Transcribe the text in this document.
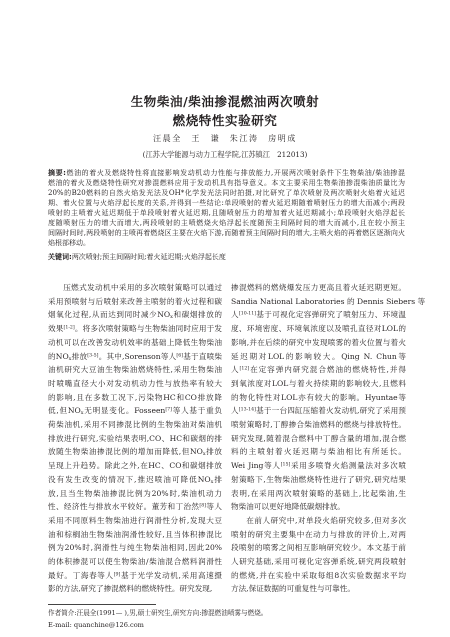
生物柴油/柴油掺混燃油两次喷射
燃烧特性实验研究
汪晨全　王　谦　朱江涛　房明成
(江苏大学能源与动力工程学院,江苏镇江　212013)
摘要:燃油的着火及燃烧特性将直接影响发动机动力性能与排放能力,开展两次喷射条件下生物柴油/柴油掺混
燃油的着火及燃烧特性研究对掺混燃料应用于发动机具有指导意义。本文主要采用生物柴油掺混柴油质量比为
20%的B20燃料的自然火焰发光法及OH*化学发光法同时拍摄,对比研究了单次喷射及两次喷射火焰着火延迟
期、着火位置与火焰浮起长度的关系,并得到一些结论:单段喷射的着火延迟期随着喷射压力的增大而减小;两段
喷射的主喷着火延迟期低于单段喷射着火延迟期,且随喷射压力的增加着火延迟期减小;单段喷射火焰浮起长
度随喷射压力的增大而增大,两段喷射的主喷燃烧火焰浮起长度随预主间隔时间的增大而减小,且在较小预主
间隔时间时,两段喷射的主喷再着燃烧区主要在火焰下游,而随着预主间隔时间的增大,主喷火焰的再着燃区逐渐向火
焰根部移动。
关键词:两次喷射;预主间隔时间;着火延迟期;火焰浮起长度
压燃式发动机中采用的多次喷射策略可以通过
采用预喷射与后喷射来改善主喷射的着火过程和碳
烟氧化过程,从而达到同时减少$NO_x$和碳烟排放的
效果[1-2]。将多次喷射策略与生物柴油同时应用于发
动机可以在改善发动机效率的基础上降低生物柴油
的$NO_x$排放[3-5]。其中,Sorenson等人[6]基于直喷柴
油机研究大豆油生物柴油燃烧特性,采用生物柴油
时喷嘴直径大小对发动机动力性与放热率有较大
的影响,且在多数工况下,污染物HC和CO排放降
低,但$NO_x$无明显变化。Fosseen[7]等人基于重负
荷柴油机,采用不同掺混比例的生物柴油对柴油机
排放进行研究,实验结果表明,CO、HC和碳烟的排
放随生物柴油掺混比例的增加而降低,但$NO_x$排放
呈现上升趋势。除此之外,在HC、CO和碳烟排放
没有发生改变的情况下,推迟喷油可降低$NO_x$排
放,且当生物柴油掺混比例为20%时,柴油机动力
性、经济性与排放水平较好。董芳和丁治然[8]等人
采用不同原料生物柴油进行润滑性分析,发现大豆
油和棕榈油生物柴油润滑性较好,且当体积掺混比
例为20%时,润滑性与纯生物柴油相同,因此20%
的体积掺混可以使生物柴油/柴油混合燃料润滑性
最好。丁海春等人[9]基于光学发动机,采用高速摄
影的方法,研究了掺混燃料的燃烧特性。研究发现,
掺混燃料的燃烧爆发压力更高且着火延迟期更短。
Sandia National Laboratories 的 Dennis Siebers 等
人[10-11]基于可视化定容弹研究了喷射压力、环境温
度、环境密度、环境氧浓度以及喷孔直径对LOL的
影响,并在后续的研究中发现喷雾的着火位置与着火
延迟期对LOL的影响较大。Qing N. Chun等
人[12]在定容弹内研究混合燃油的燃烧特性,并得
到氧浓度对LOL与着火持续期的影响较大,且燃料
的物化特性对LOL亦有较大的影响。Hyuntae等
人[13-14]基于一台四缸压缩着火发动机,研究了采用预
喷射策略时,丁醇掺合柴油燃料的燃烧与排放特性。
研究发现,随着混合燃料中丁醇含量的增加,混合燃
料的主喷射着火延迟期与柴油相比有所延长。
Wei Jing等人[15]采用多喷脊火焰测量法对多次喷
射策略下,生物柴油燃烧特性进行了研究,研究结果
表明,在采用两次喷射策略的基础上,比起柴油,生
物柴油可以更好地降低碳烟排放。
在前人研究中,对单段火焰研究较多,但对多次
喷射的研究主要集中在动力与排放的评价上,对两
段喷射的喷雾之间相互影响研究较少。本文基于前
人研究基础,采用可视化定容弹系统,研究两段喷射
的燃烧,并在实验中采取每组8次实验数据求平均
方法,保证数据的可重复性与可靠性。
作者简介:汪晨全(1991— ),男,硕士研究生,研究方向:掺混燃油喷雾与燃烧。
E-mail: quanchine@126.com
